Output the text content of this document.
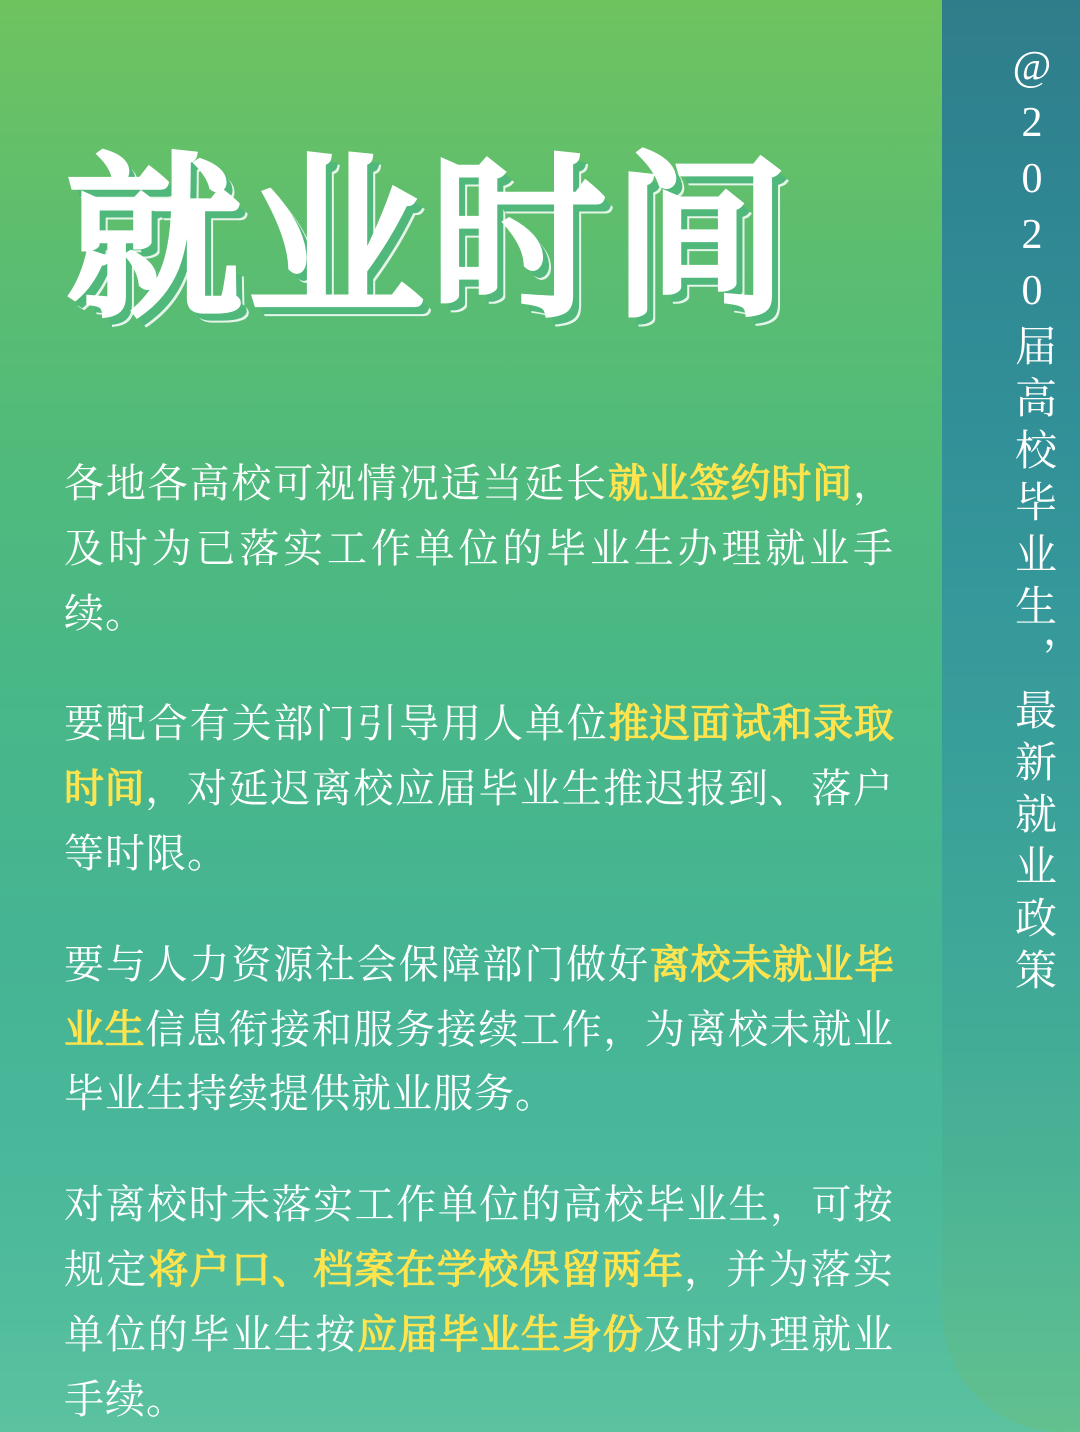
@2020届高校毕业生，最新就业政策
就业时间

各地各高校可视情况适当延长就业签约时间，及时为已落实工作单位的毕业生办理就业手续。

要配合有关部门引导用人单位推迟面试和录取时间，对延迟离校应届毕业生推迟报到、落户等时限。

要与人力资源社会保障部门做好离校未就业毕业生信息衔接和服务接续工作，为离校未就业毕业生持续提供就业服务。

对离校时未落实工作单位的高校毕业生，可按规定将户口、档案在学校保留两年，并为落实单位的毕业生按应届毕业生身份及时办理就业手续。
